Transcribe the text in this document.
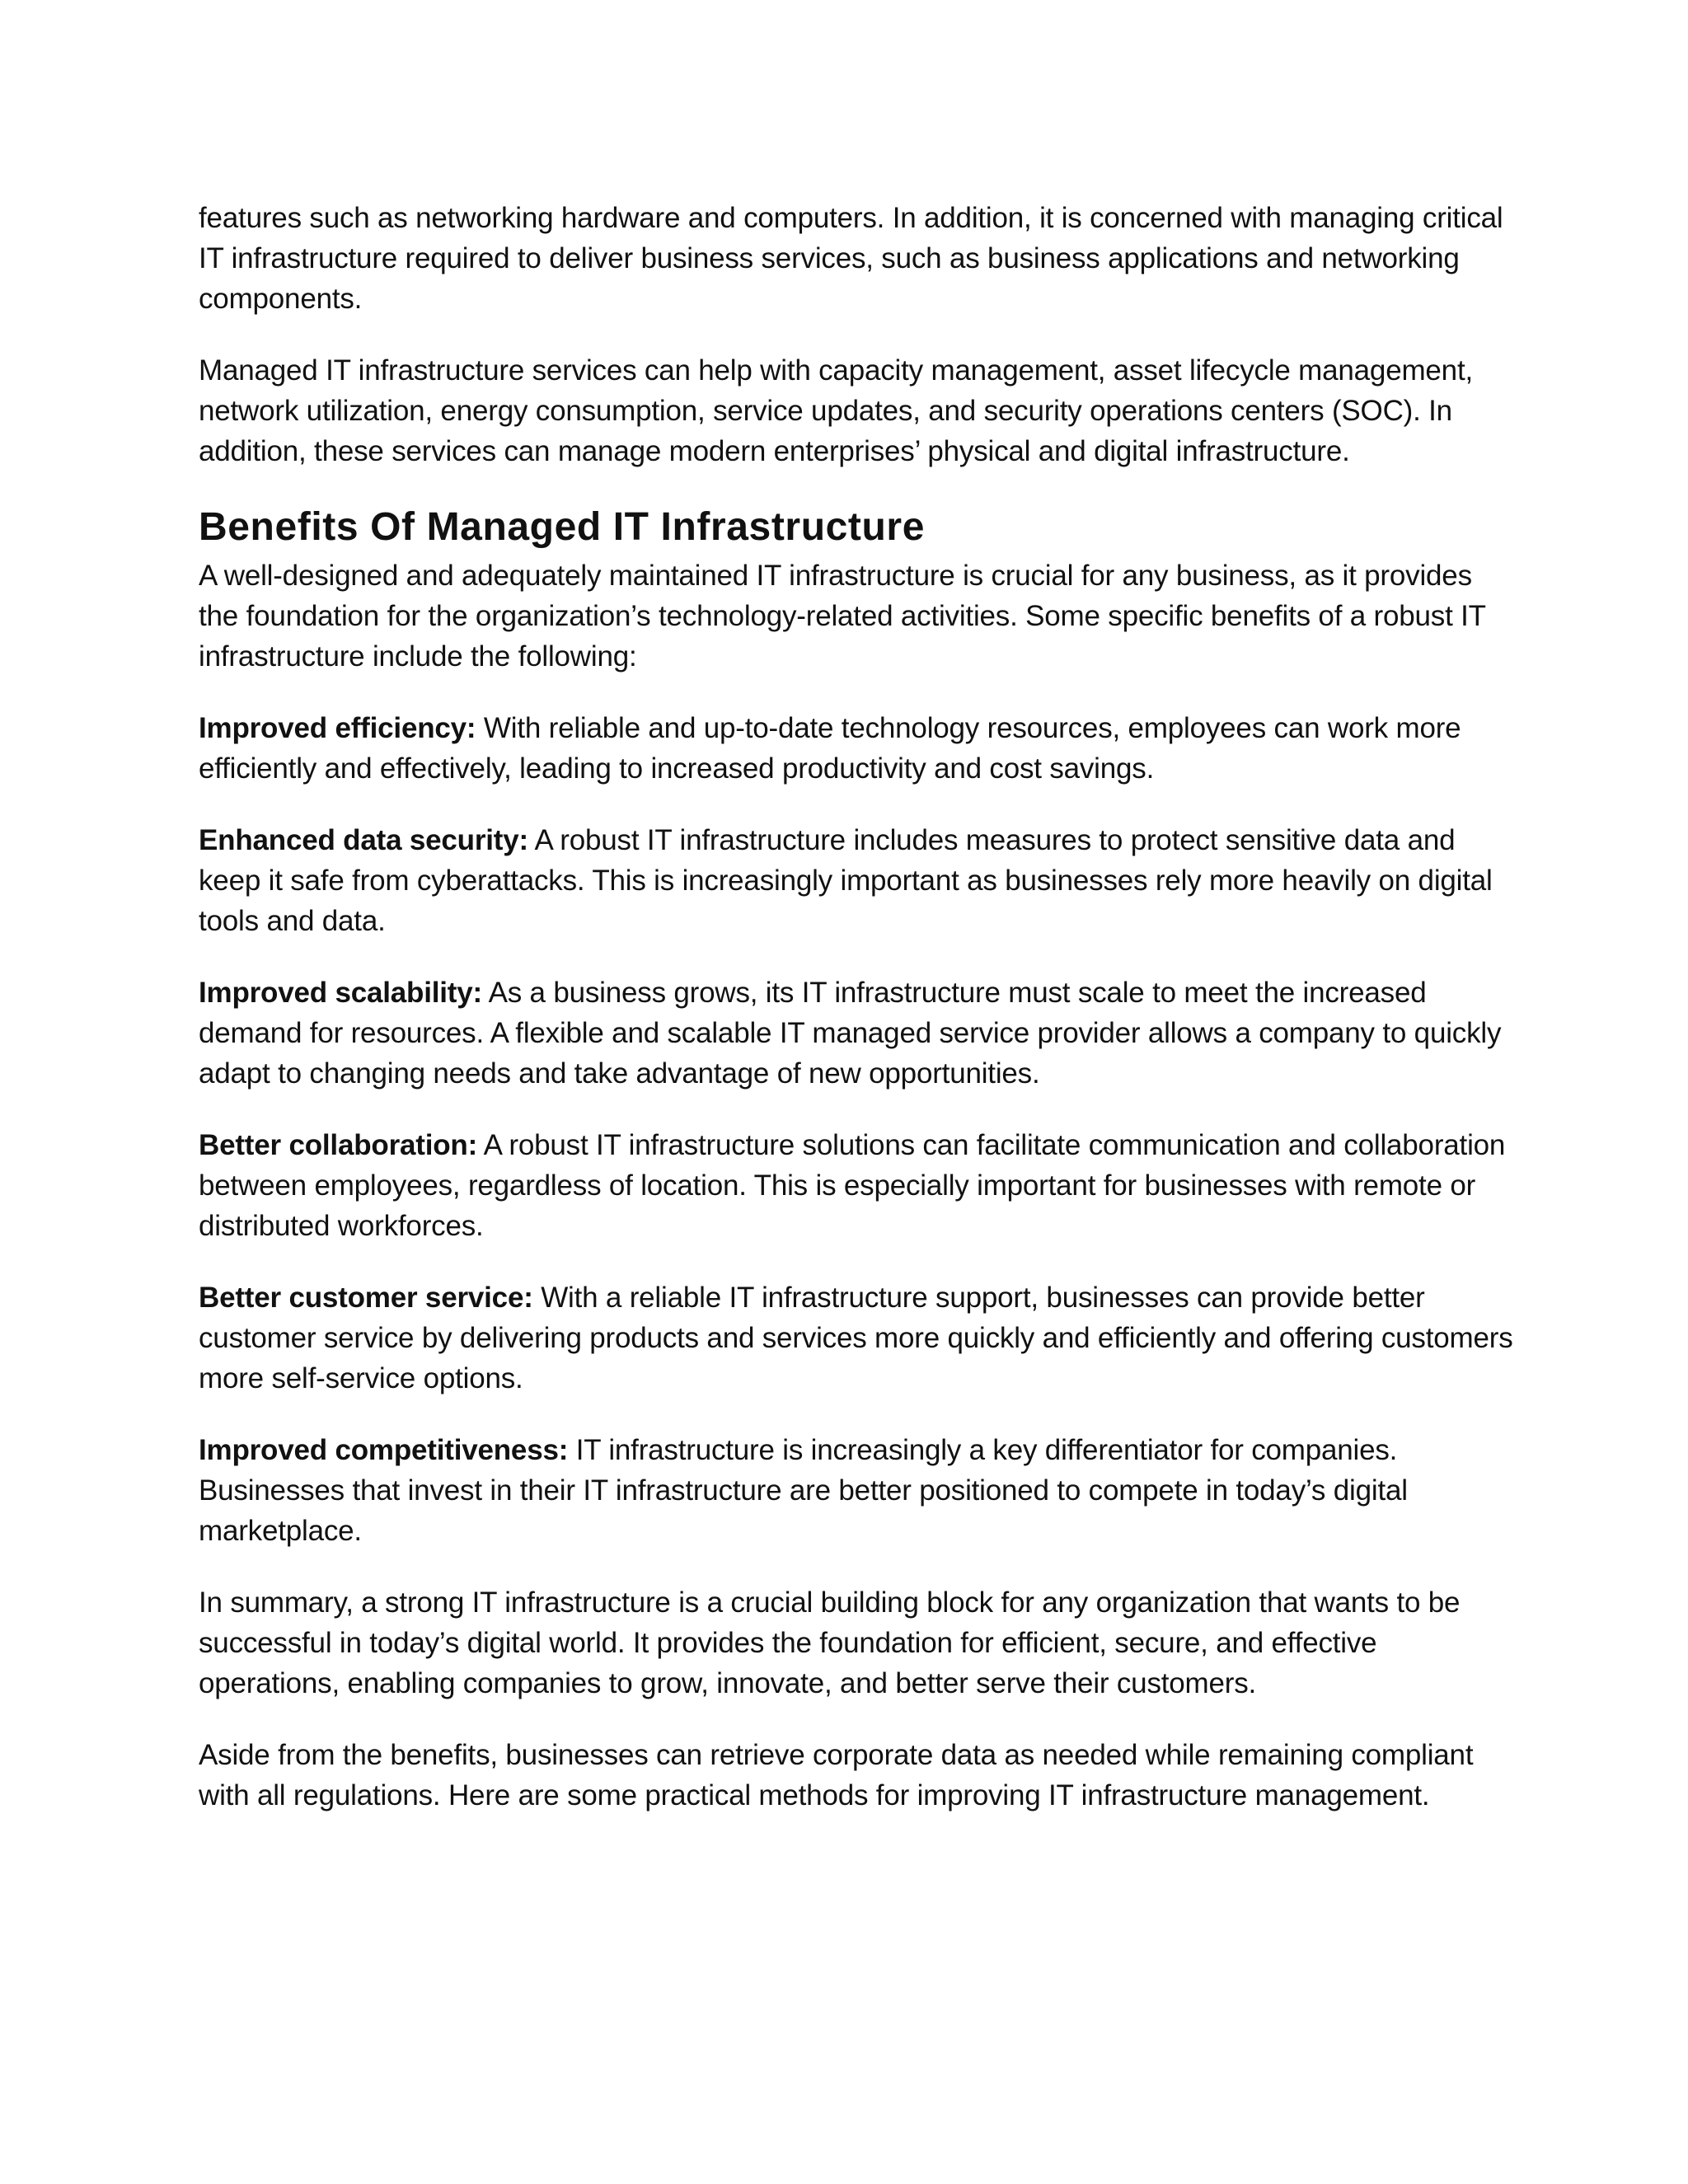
features such as networking hardware and computers. In addition, it is concerned with managing critical IT infrastructure required to deliver business services, such as business applications and networking components.

Managed IT infrastructure services can help with capacity management, asset lifecycle management, network utilization, energy consumption, service updates, and security operations centers (SOC). In addition, these services can manage modern enterprises’ physical and digital infrastructure.

Benefits Of Managed IT Infrastructure

A well-designed and adequately maintained IT infrastructure is crucial for any business, as it provides the foundation for the organization’s technology-related activities. Some specific benefits of a robust IT infrastructure include the following:

Improved efficiency: With reliable and up-to-date technology resources, employees can work more efficiently and effectively, leading to increased productivity and cost savings.

Enhanced data security: A robust IT infrastructure includes measures to protect sensitive data and keep it safe from cyberattacks. This is increasingly important as businesses rely more heavily on digital tools and data.

Improved scalability: As a business grows, its IT infrastructure must scale to meet the increased demand for resources. A flexible and scalable IT managed service provider allows a company to quickly adapt to changing needs and take advantage of new opportunities.

Better collaboration: A robust IT infrastructure solutions can facilitate communication and collaboration between employees, regardless of location. This is especially important for businesses with remote or distributed workforces.

Better customer service: With a reliable IT infrastructure support, businesses can provide better customer service by delivering products and services more quickly and efficiently and offering customers more self-service options.

Improved competitiveness: IT infrastructure is increasingly a key differentiator for companies. Businesses that invest in their IT infrastructure are better positioned to compete in today’s digital marketplace.

In summary, a strong IT infrastructure is a crucial building block for any organization that wants to be successful in today’s digital world. It provides the foundation for efficient, secure, and effective operations, enabling companies to grow, innovate, and better serve their customers.

Aside from the benefits, businesses can retrieve corporate data as needed while remaining compliant with all regulations. Here are some practical methods for improving IT infrastructure management.
